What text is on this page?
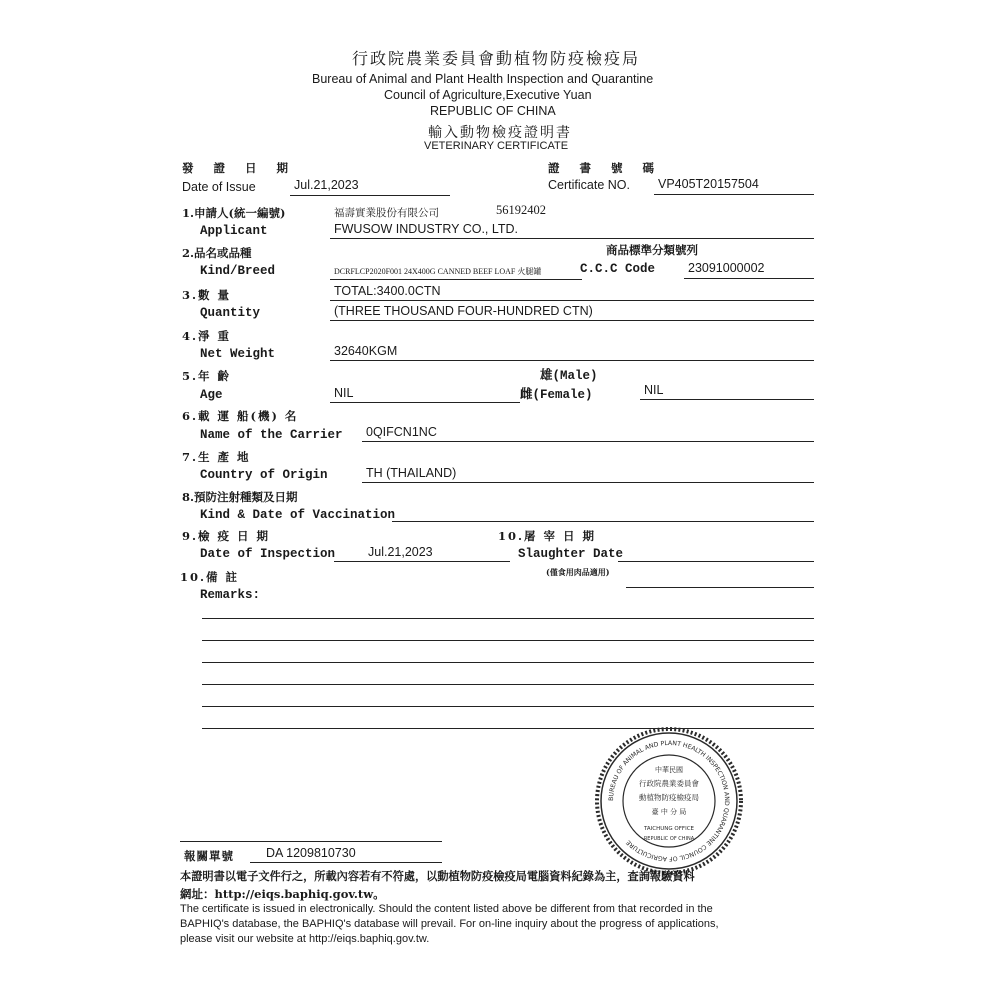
行政院農業委員會動植物防疫檢疫局
Bureau of Animal and Plant Health Inspection and Quarantine
Council of Agriculture,Executive Yuan
REPUBLIC OF CHINA
輸入動物檢疫證明書
VETERINARY CERTIFICATE
發 證 日 期
Date of Issue	Jul.21,2023
證 書 號 碼
Certificate NO. VP405T20157504
1.申請人(統一編號)	福壽實業股份有限公司	56192402
Applicant	FWUSOW INDUSTRY CO., LTD.
2.品名或品種	商品標準分類號列
Kind/Breed	DCRFLCP2020F001 24X400G CANNED BEEF LOAF 火腿罐	C.C.C Code	23091000002
3.數 量	TOTAL:3400.0CTN
Quantity	(THREE THOUSAND FOUR-HUNDRED CTN)
4.淨 重
Net Weight	32640KGM
5.年 齡	雄(Male)
Age	NIL	雌(Female)	NIL
6.載 運 船(機) 名
Name of the Carrier 0QIFCN1NC
7.生 產 地
Country of Origin	TH (THAILAND)
8.預防注射種類及日期
Kind & Date of Vaccination
9.檢 疫 日 期
Date of Inspection	Jul.21,2023
10.屠 宰 日 期
Slaughter Date
(僅食用肉品適用)
10.備 註
Remarks:
BUREAU OF ANIMAL AND PLANT HEALTH INSPECTION AND QUARANTINE COUNCIL OF AGRICULTURE
中華民國
行政院農業委員會
動植物防疫檢疫局
臺 中 分 局
TAICHUNG OFFICE
REPUBLIC OF CHINA
報關單號	DA 1209810730
本證明書以電子文件行之，所載內容若有不符處，以動植物防疫檢疫局電腦資料紀錄為主，查詢報驗資料
網址：http://eiqs.baphiq.gov.tw。
The certificate is issued in electronically. Should the content listed above be different from that recorded in the
BAPHIQ's database, the BAPHIQ's database will prevail. For on-line inquiry about the progress of applications,
please visit our website at http://eiqs.baphiq.gov.tw.
